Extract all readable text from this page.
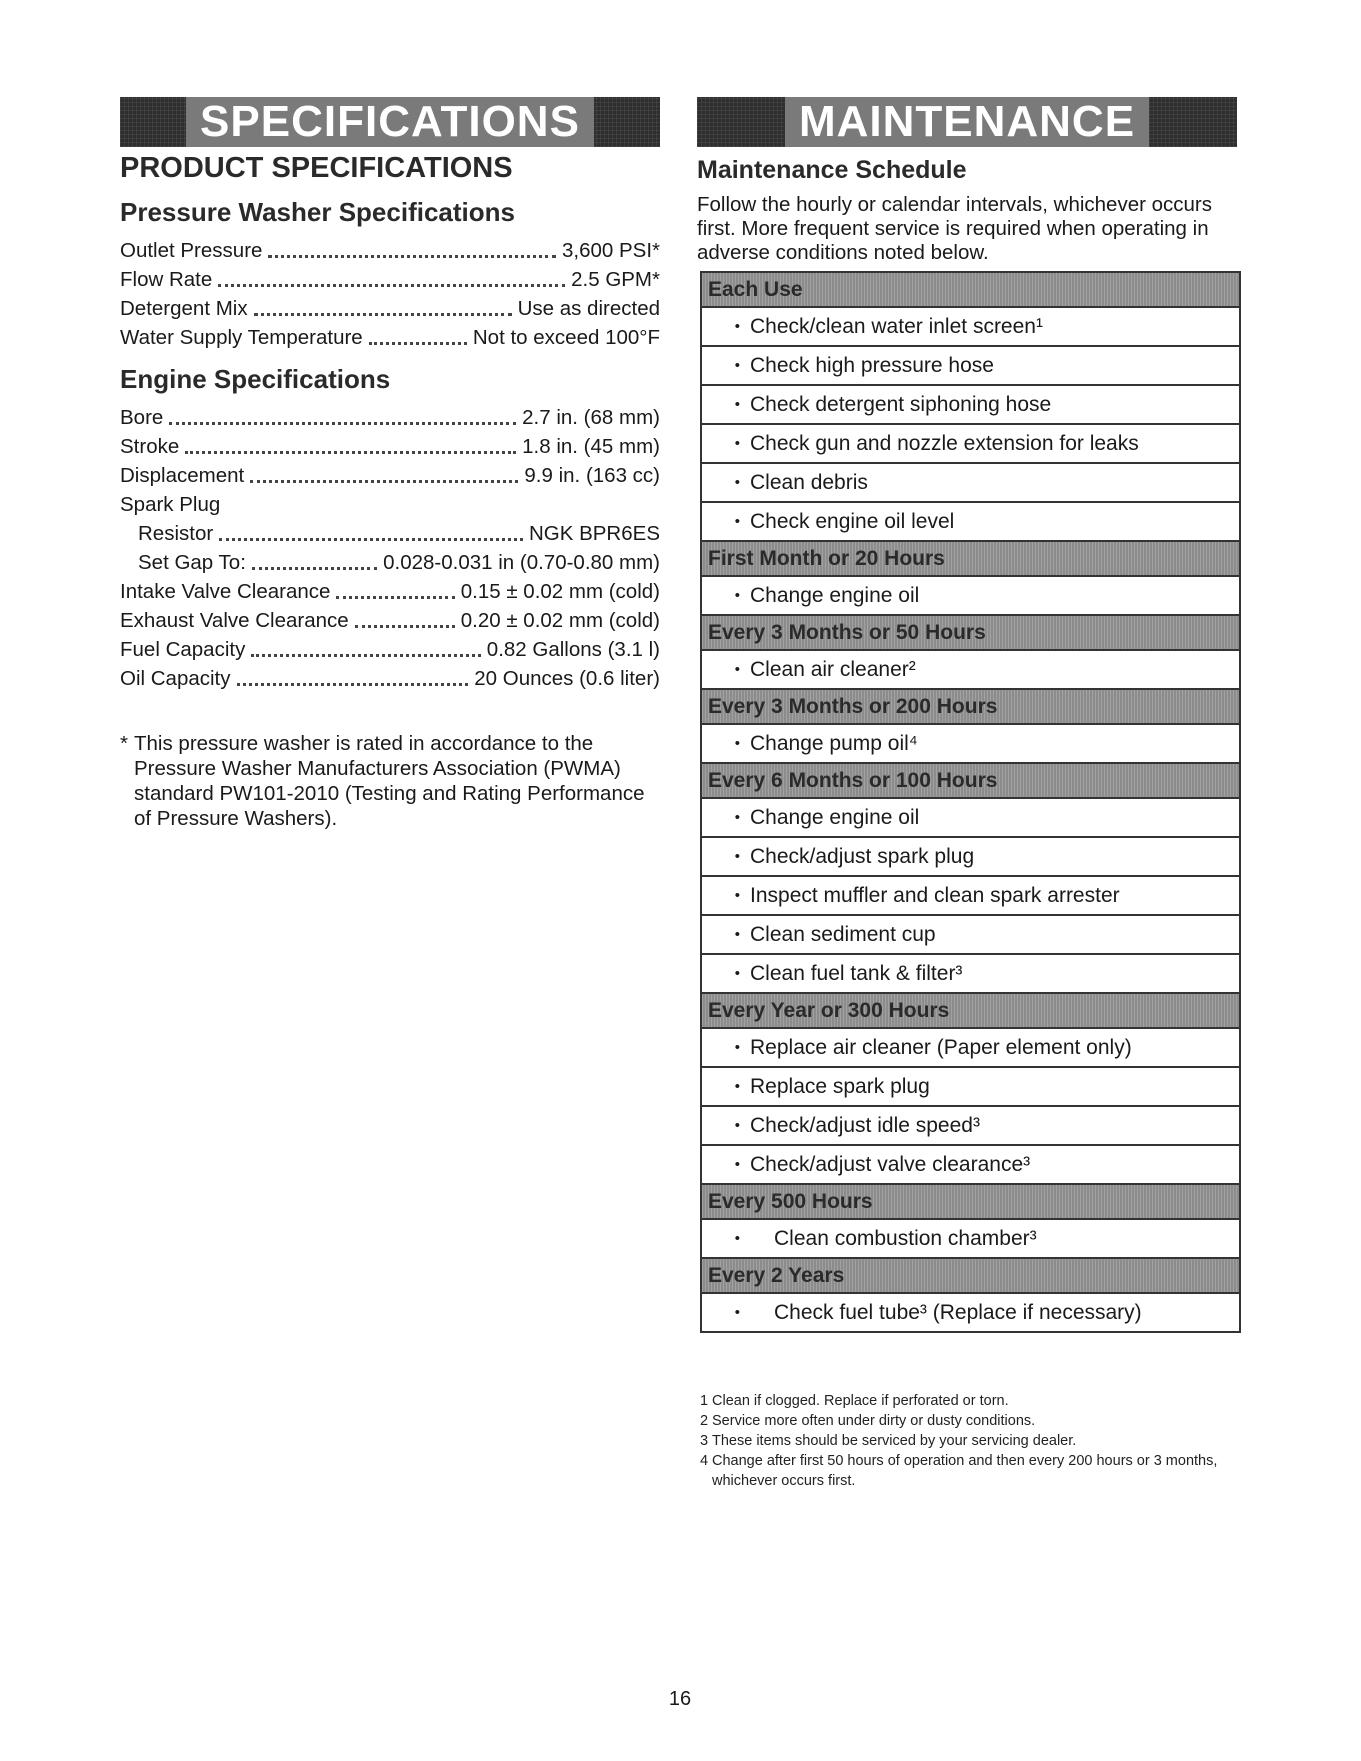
SPECIFICATIONS	MAINTENANCE
PRODUCT SPECIFICATIONS
Pressure Washer Specifications
Outlet Pressure	3,600 PSI*
Flow Rate	2.5 GPM*
Detergent Mix	Use as directed
Water Supply Temperature	Not to exceed 100°F
Engine Specifications
Bore	2.7 in. (68 mm)
Stroke	1.8 in. (45 mm)
Displacement	9.9 in. (163 cc)
Spark Plug
Resistor	NGK BPR6ES
Set Gap To:	0.028-0.031 in (0.70-0.80 mm)
Intake Valve Clearance	0.15 ± 0.02 mm (cold)
Exhaust Valve Clearance	0.20 ± 0.02 mm (cold)
Fuel Capacity	0.82 Gallons (3.1 l)
Oil Capacity	20 Ounces (0.6 liter)
* This pressure washer is rated in accordance to the Pressure Washer Manufacturers Association (PWMA) standard PW101-2010 (Testing and Rating Performance of Pressure Washers).
Maintenance Schedule
Follow the hourly or calendar intervals, whichever occurs first. More frequent service is required when operating in adverse conditions noted below.
Each Use
• Check/clean water inlet screen¹
• Check high pressure hose
• Check detergent siphoning hose
• Check gun and nozzle extension for leaks
• Clean debris
• Check engine oil level
First Month or 20 Hours
• Change engine oil
Every 3 Months or 50 Hours
• Clean air cleaner²
Every 3 Months or 200 Hours
• Change pump oil⁴
Every 6 Months or 100 Hours
• Change engine oil
• Check/adjust spark plug
• Inspect muffler and clean spark arrester
• Clean sediment cup
• Clean fuel tank & filter³
Every Year or 300 Hours
• Replace air cleaner (Paper element only)
• Replace spark plug
• Check/adjust idle speed³
• Check/adjust valve clearance³
Every 500 Hours
• Clean combustion chamber³
Every 2 Years
• Check fuel tube³ (Replace if necessary)
1 Clean if clogged. Replace if perforated or torn.
2 Service more often under dirty or dusty conditions.
3 These items should be serviced by your servicing dealer.
4 Change after first 50 hours of operation and then every 200 hours or 3 months, whichever occurs first.
16
